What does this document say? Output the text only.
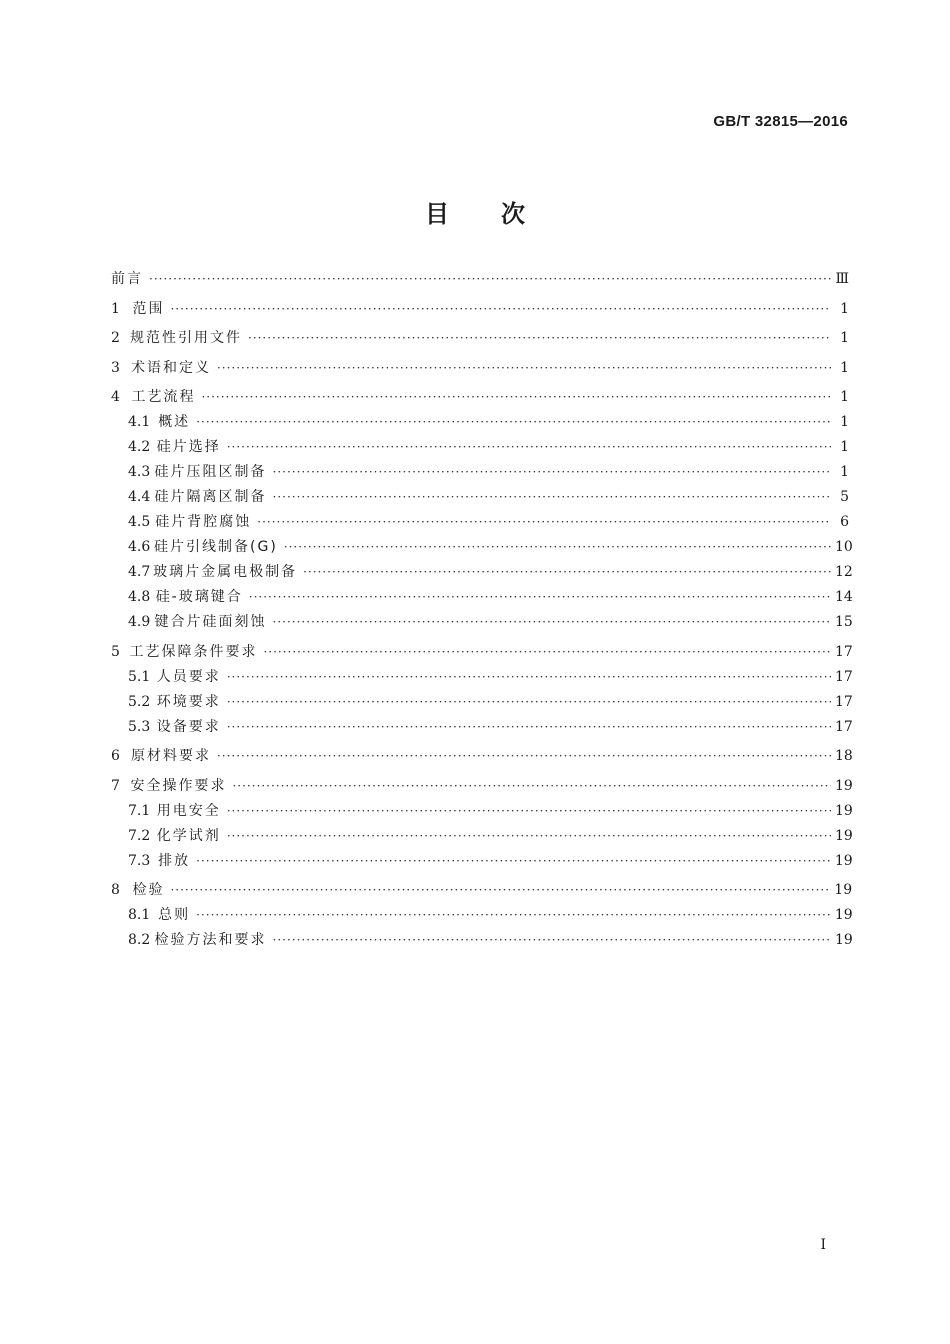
GB/T 32815—2016
目次
前言 ·····	Ⅲ
1 范围 ·····	1
2 规范性引用文件 ·····	1
3 术语和定义 ·····	1
4 工艺流程 ·····	1
4.1 概述 ·····	1
4.2 硅片选择 ·····	1
4.3 硅片压阻区制备 ·····	1
4.4 硅片隔离区制备 ·····	5
4.5 硅片背腔腐蚀 ·····	6
4.6 硅片引线制备(G) ·····	10
4.7 玻璃片金属电极制备 ·····	12
4.8 硅-玻璃键合 ·····	14
4.9 键合片硅面刻蚀 ·····	15
5 工艺保障条件要求 ·····	17
5.1 人员要求 ·····	17
5.2 环境要求 ·····	17
5.3 设备要求 ·····	17
6 原材料要求 ·····	18
7 安全操作要求 ·····	19
7.1 用电安全 ·····	19
7.2 化学试剂 ·····	19
7.3 排放 ·····	19
8 检验 ·····	19
8.1 总则 ·····	19
8.2 检验方法和要求 ·····	19
Ⅰ
